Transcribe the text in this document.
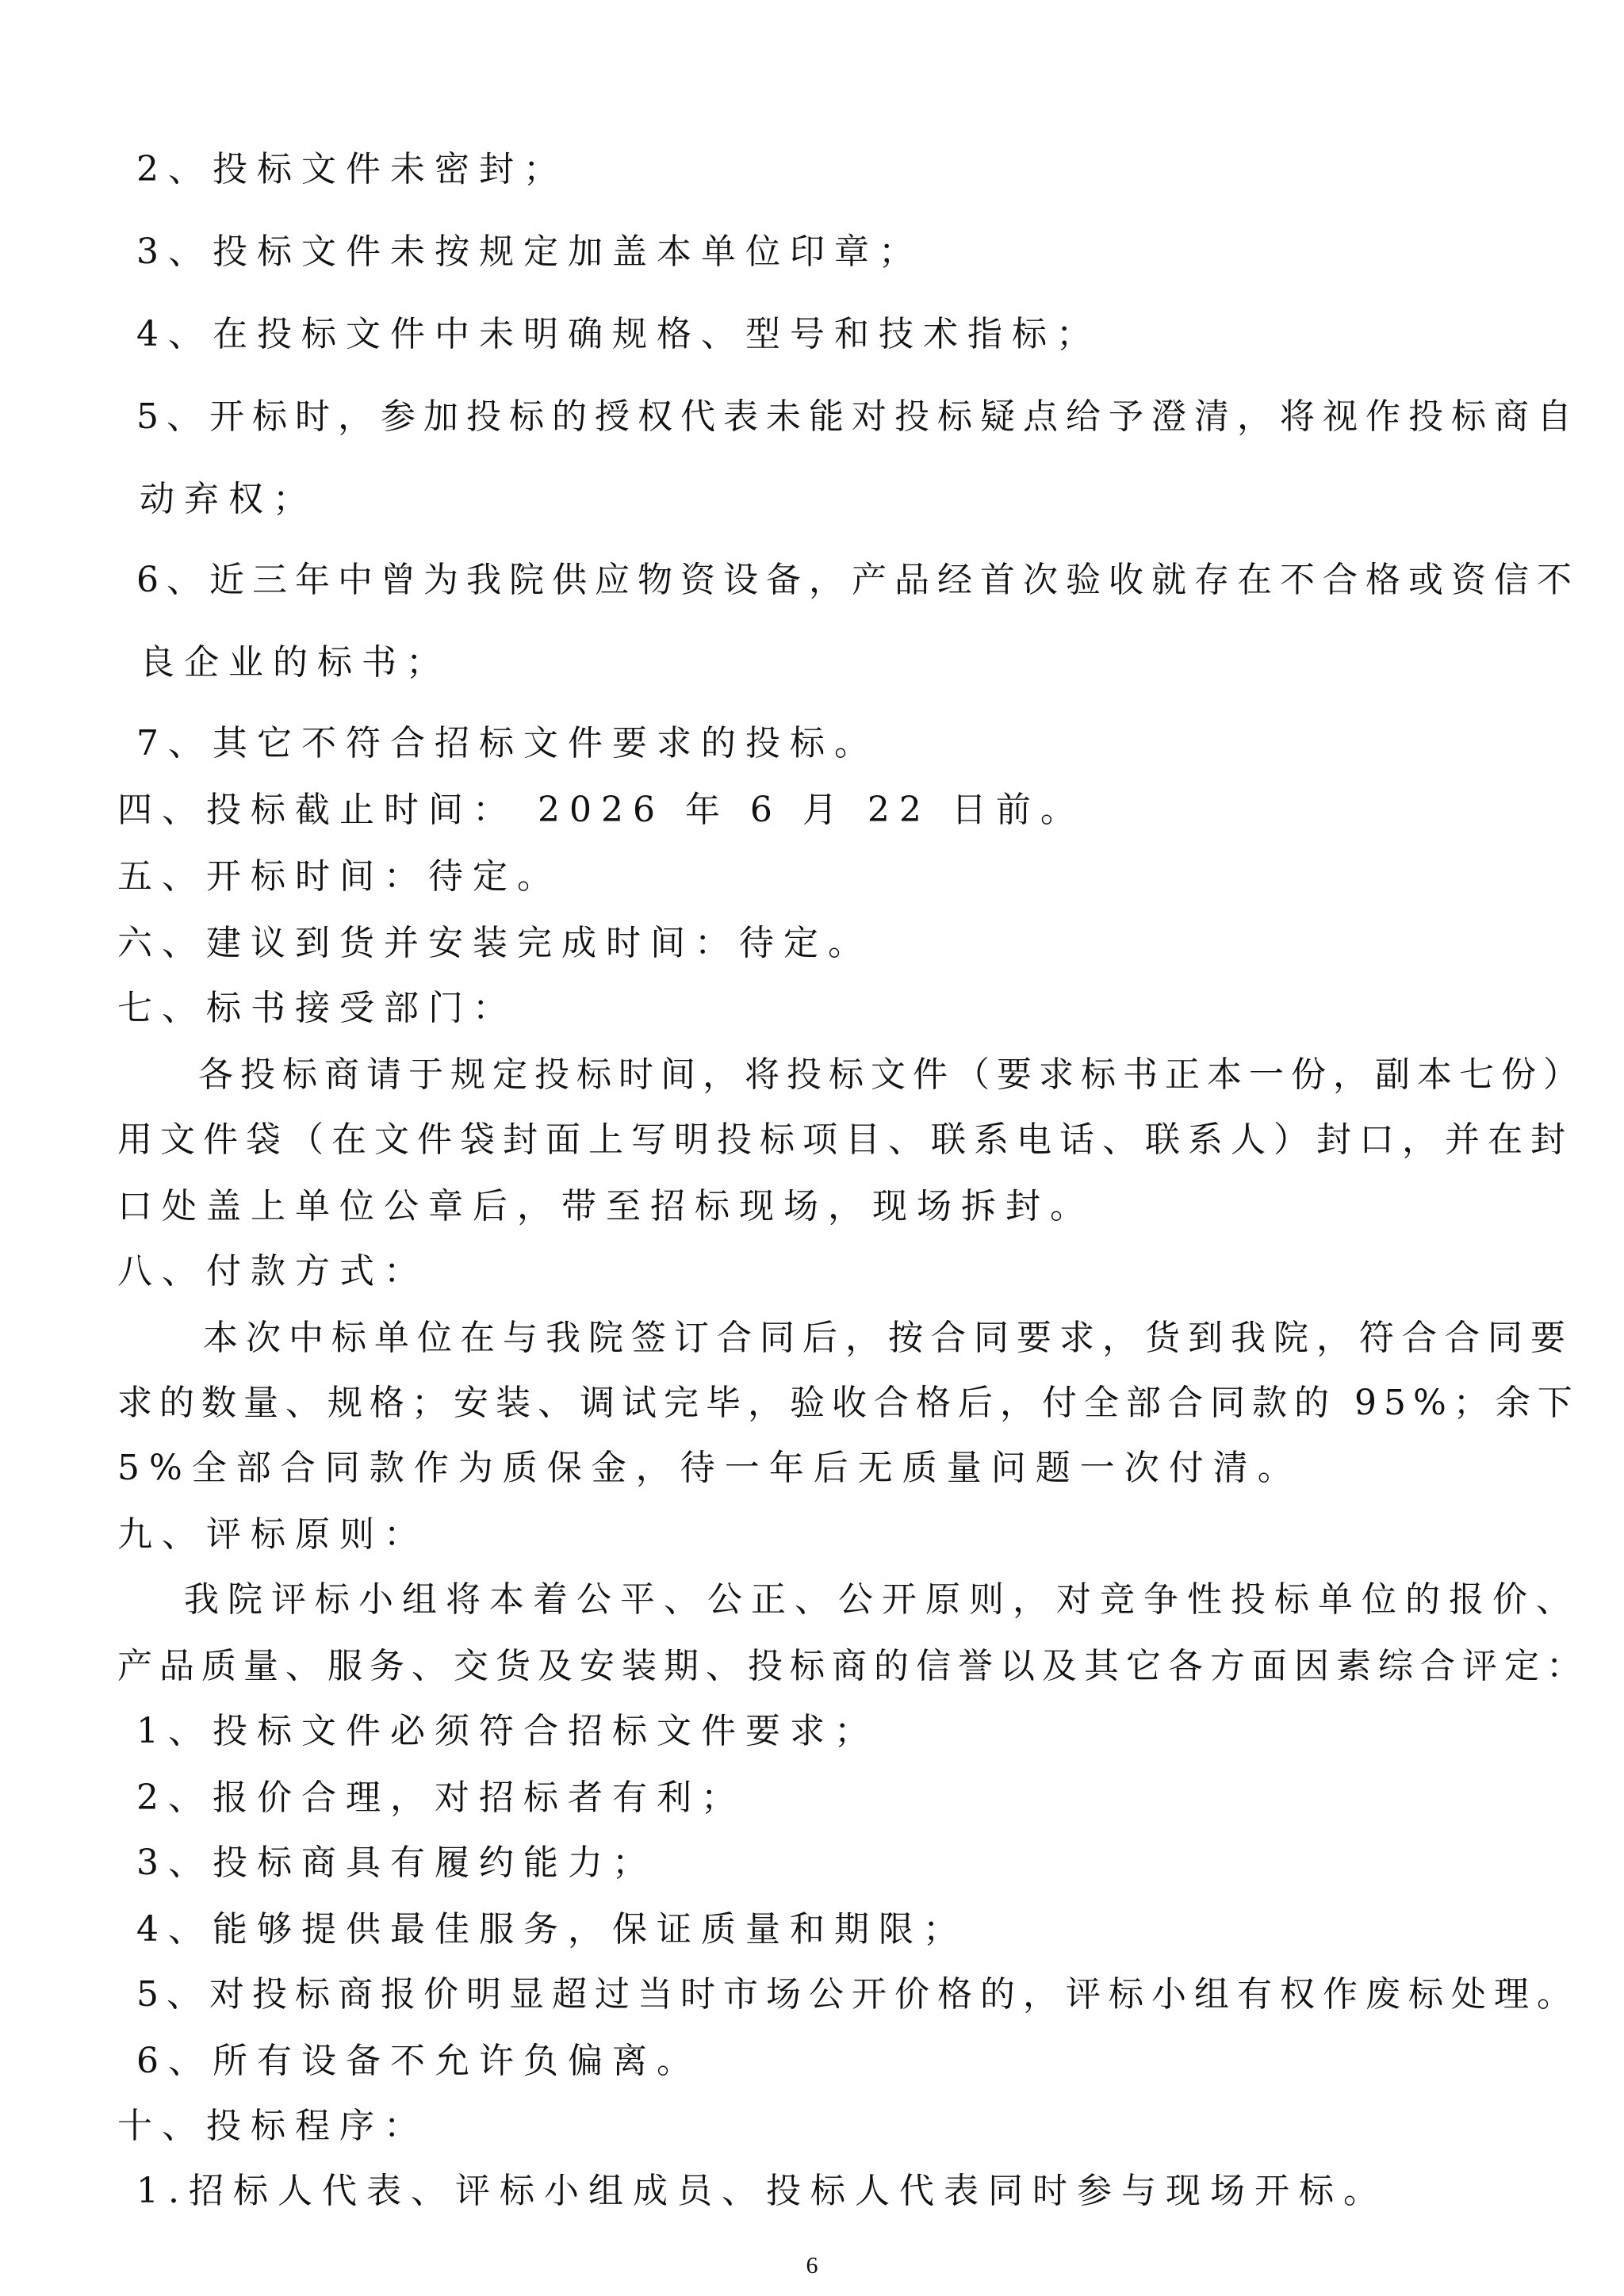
2、投标文件未密封；
3、投标文件未按规定加盖本单位印章；
4、在投标文件中未明确规格、型号和技术指标；
5、开标时，参加投标的授权代表未能对投标疑点给予澄清，将视作投标商自
动弃权；
6、近三年中曾为我院供应物资设备，产品经首次验收就存在不合格或资信不
良企业的标书；
7、其它不符合招标文件要求的投标。
四、投标截止时间： 2026 年 6 月 22 日前。
五、开标时间：待定。
六、建议到货并安装完成时间：待定。
七、标书接受部门：
各投标商请于规定投标时间，将投标文件（要求标书正本一份，副本七份）
用文件袋（在文件袋封面上写明投标项目、联系电话、联系人）封口，并在封
口处盖上单位公章后，带至招标现场，现场拆封。
八、付款方式：
本次中标单位在与我院签订合同后，按合同要求，货到我院，符合合同要
求的数量、规格；安装、调试完毕，验收合格后，付全部合同款的 95%；余下
5%全部合同款作为质保金，待一年后无质量问题一次付清。
九、评标原则：
我院评标小组将本着公平、公正、公开原则，对竞争性投标单位的报价、
产品质量、服务、交货及安装期、投标商的信誉以及其它各方面因素综合评定：
1、投标文件必须符合招标文件要求；
2、报价合理，对招标者有利；
3、投标商具有履约能力；
4、能够提供最佳服务，保证质量和期限；
5、对投标商报价明显超过当时市场公开价格的，评标小组有权作废标处理。
6、所有设备不允许负偏离。
十、投标程序：
1.招标人代表、评标小组成员、投标人代表同时参与现场开标。
6
